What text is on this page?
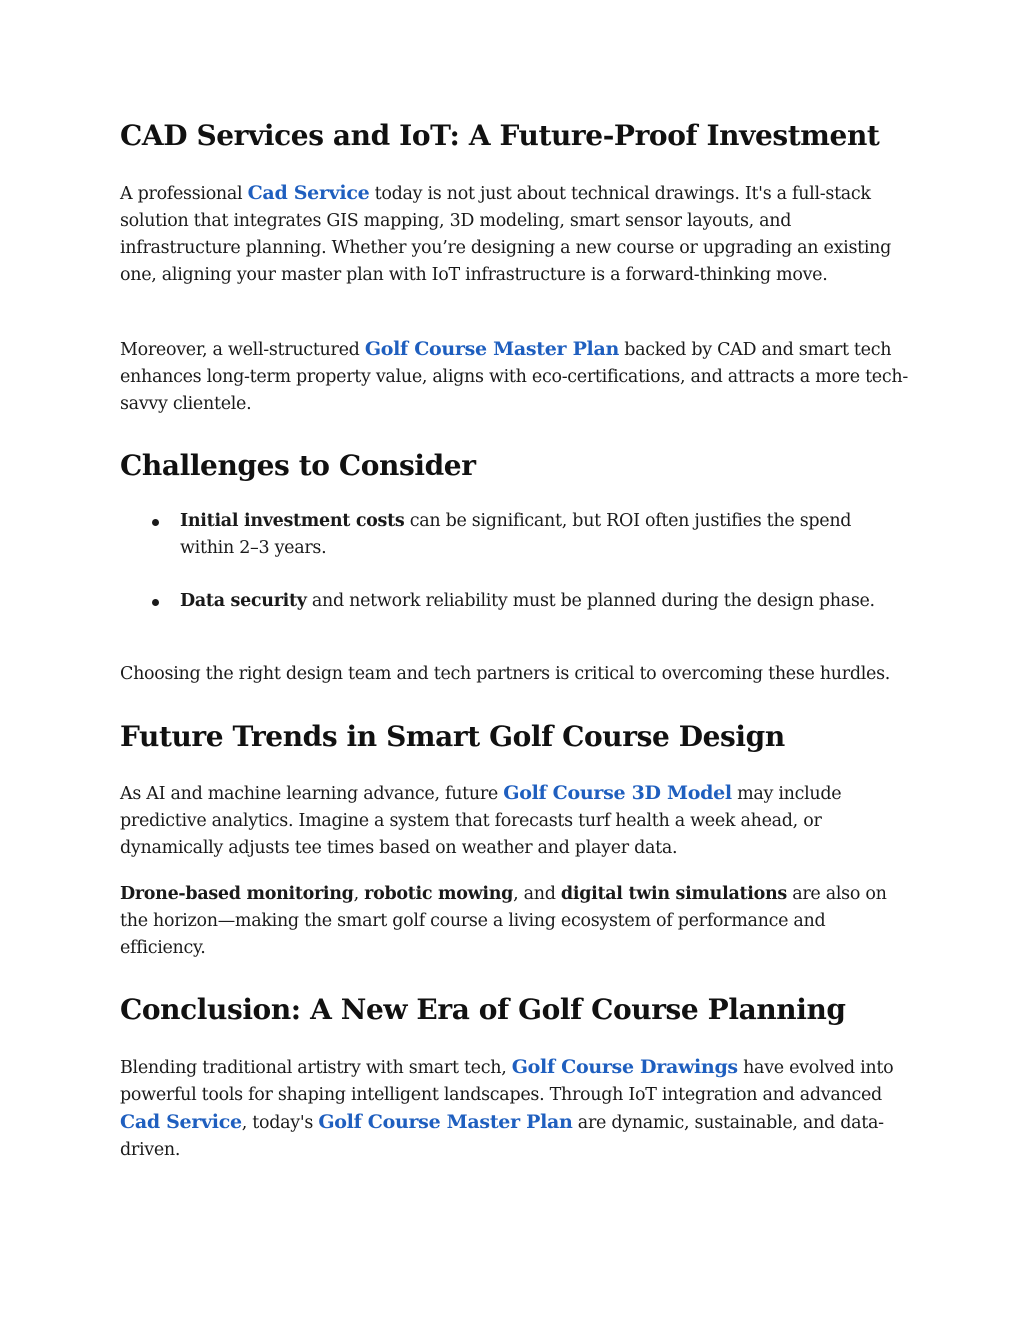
CAD Services and IoT: A Future-Proof Investment

A professional Cad Service today is not just about technical drawings. It's a full-stack solution that integrates GIS mapping, 3D modeling, smart sensor layouts, and infrastructure planning. Whether you’re designing a new course or upgrading an existing one, aligning your master plan with IoT infrastructure is a forward-thinking move.

Moreover, a well-structured Golf Course Master Plan backed by CAD and smart tech enhances long-term property value, aligns with eco-certifications, and attracts a more tech-savvy clientele.

Challenges to Consider
Initial investment costs can be significant, but ROI often justifies the spend within 2–3 years.
Data security and network reliability must be planned during the design phase.

Choosing the right design team and tech partners is critical to overcoming these hurdles.

Future Trends in Smart Golf Course Design

As AI and machine learning advance, future Golf Course 3D Model may include predictive analytics. Imagine a system that forecasts turf health a week ahead, or dynamically adjusts tee times based on weather and player data.

Drone-based monitoring, robotic mowing, and digital twin simulations are also on the horizon—making the smart golf course a living ecosystem of performance and efficiency.

Conclusion: A New Era of Golf Course Planning

Blending traditional artistry with smart tech, Golf Course Drawings have evolved into powerful tools for shaping intelligent landscapes. Through IoT integration and advanced Cad Service, today's Golf Course Master Plan are dynamic, sustainable, and data-driven.
